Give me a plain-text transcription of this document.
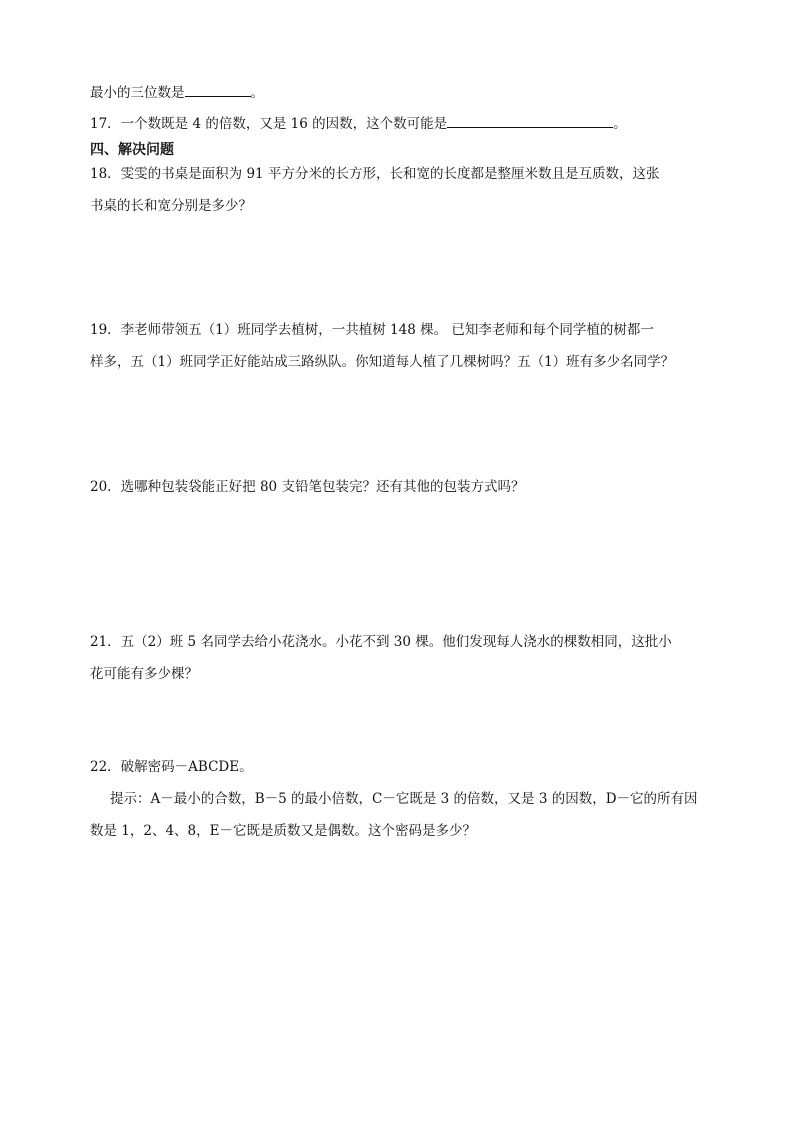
最小的三位数是	。
17．一个数既是 4 的倍数，又是 16 的因数，这个数可能是	。
四、解决问题
18．雯雯的书桌是面积为 91 平方分米的长方形，长和宽的长度都是整厘米数且是互质数，这张
书桌的长和宽分别是多少？
19．李老师带领五（1）班同学去植树，一共植树 148 棵。 已知李老师和每个同学植的树都一
样多，五（1）班同学正好能站成三路纵队。你知道每人植了几棵树吗？五（1）班有多少名同学？
20．选哪种包装袋能正好把 80 支铅笔包装完？还有其他的包装方式吗？
21．五（2）班 5 名同学去给小花浇水。小花不到 30 棵。他们发现每人浇水的棵数相同，这批小
花可能有多少棵？
22．破解密码－ABCDE。
提示：A－最小的合数，B－5 的最小倍数，C－它既是 3 的倍数，又是 3 的因数，D－它的所有因
数是 1，2、4、8，E－它既是质数又是偶数。这个密码是多少？
